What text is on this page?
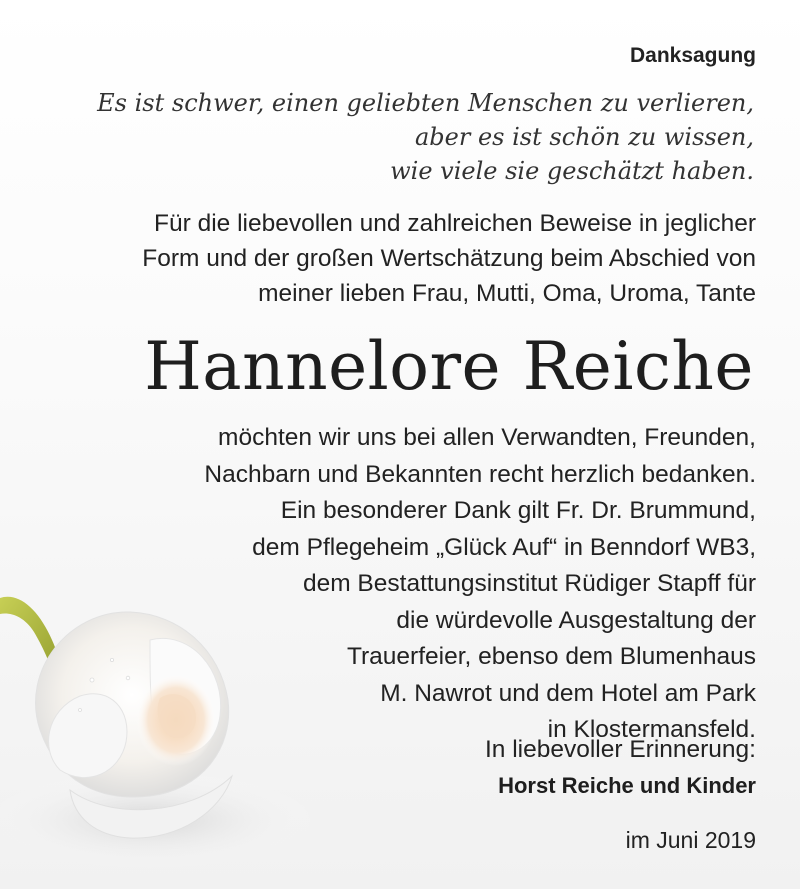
Danksagung
Es ist schwer, einen geliebten Menschen zu verlieren,
aber es ist schön zu wissen,
wie viele sie geschätzt haben.
Für die liebevollen und zahlreichen Beweise in jeglicher
Form und der großen Wertschätzung beim Abschied von
meiner lieben Frau, Mutti, Oma, Uroma, Tante
Hannelore Reiche
möchten wir uns bei allen Verwandten, Freunden,
Nachbarn und Bekannten recht herzlich bedanken.
Ein besonderer Dank gilt Fr. Dr. Brummund,
dem Pflegeheim „Glück Auf“ in Benndorf WB3,
dem Bestattungsinstitut Rüdiger Stapff für
die würdevolle Ausgestaltung der
Trauerfeier, ebenso dem Blumenhaus
M. Nawrot und dem Hotel am Park
in Klostermansfeld.
In liebevoller Erinnerung:
Horst Reiche und Kinder
im Juni 2019
